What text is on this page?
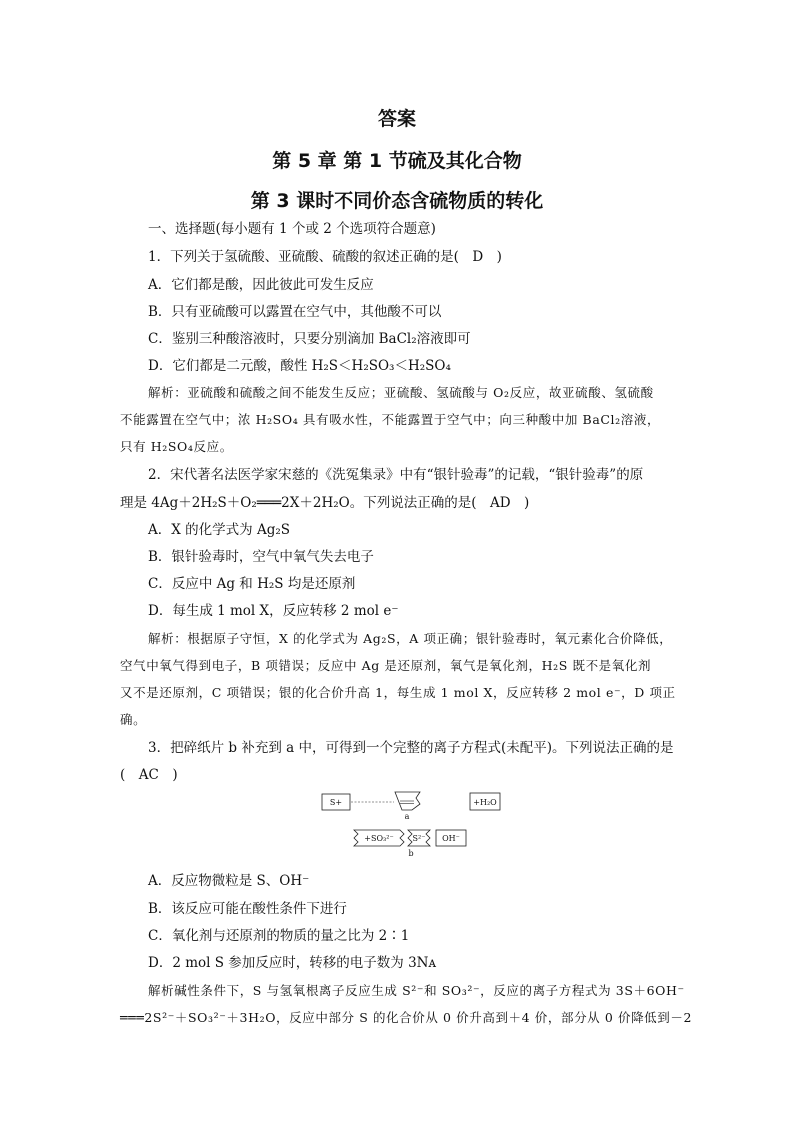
答案
第 5 章 第 1 节硫及其化合物
第 3 课时不同价态含硫物质的转化
一、选择题(每小题有 1 个或 2 个选项符合题意)
1．下列关于氢硫酸、亚硫酸、硫酸的叙述正确的是(　D　)
A．它们都是酸，因此彼此可发生反应
B．只有亚硫酸可以露置在空气中，其他酸不可以
C．鉴别三种酸溶液时，只要分别滴加 BaCl₂溶液即可
D．它们都是二元酸，酸性 H₂S＜H₂SO₃＜H₂SO₄
解析：亚硫酸和硫酸之间不能发生反应；亚硫酸、氢硫酸与 O₂反应，故亚硫酸、氢硫酸
不能露置在空气中；浓 H₂SO₄ 具有吸水性，不能露置于空气中；向三种酸中加 BaCl₂溶液，
只有 H₂SO₄反应。
2．宋代著名法医学家宋慈的《洗冤集录》中有“银针验毒”的记载，“银针验毒”的原
理是 4Ag＋2H₂S＋O₂═══2X＋2H₂O。下列说法正确的是(　AD　)
A．X 的化学式为 Ag₂S
B．银针验毒时，空气中氧气失去电子
C．反应中 Ag 和 H₂S 均是还原剂
D．每生成 1 mol X，反应转移 2 mol e⁻
解析：根据原子守恒，X 的化学式为 Ag₂S，A 项正确；银针验毒时，氧元素化合价降低，
空气中氧气得到电子，B 项错误；反应中 Ag 是还原剂，氧气是氧化剂，H₂S 既不是氧化剂
又不是还原剂，C 项错误；银的化合价升高 1，每生成 1 mol X，反应转移 2 mol e⁻，D 项正
确。
3．把碎纸片 b 补充到 a 中，可得到一个完整的离子方程式(未配平)。下列说法正确的是
(　AC　)
S+
a
+H₂O
+SO₃²⁻ S²⁻
b
OH⁻
A．反应物微粒是 S、OH⁻
B．该反应可能在酸性条件下进行
C．氧化剂与还原剂的物质的量之比为 2∶1
D．2 mol S 参加反应时，转移的电子数为 3Nᴀ
解析碱性条件下，S 与氢氧根离子反应生成 S²⁻和 SO₃²⁻，反应的离子方程式为 3S＋6OH⁻
═══2S²⁻＋SO₃²⁻＋3H₂O，反应中部分 S 的化合价从 0 价升高到＋4 价，部分从 0 价降低到－2
